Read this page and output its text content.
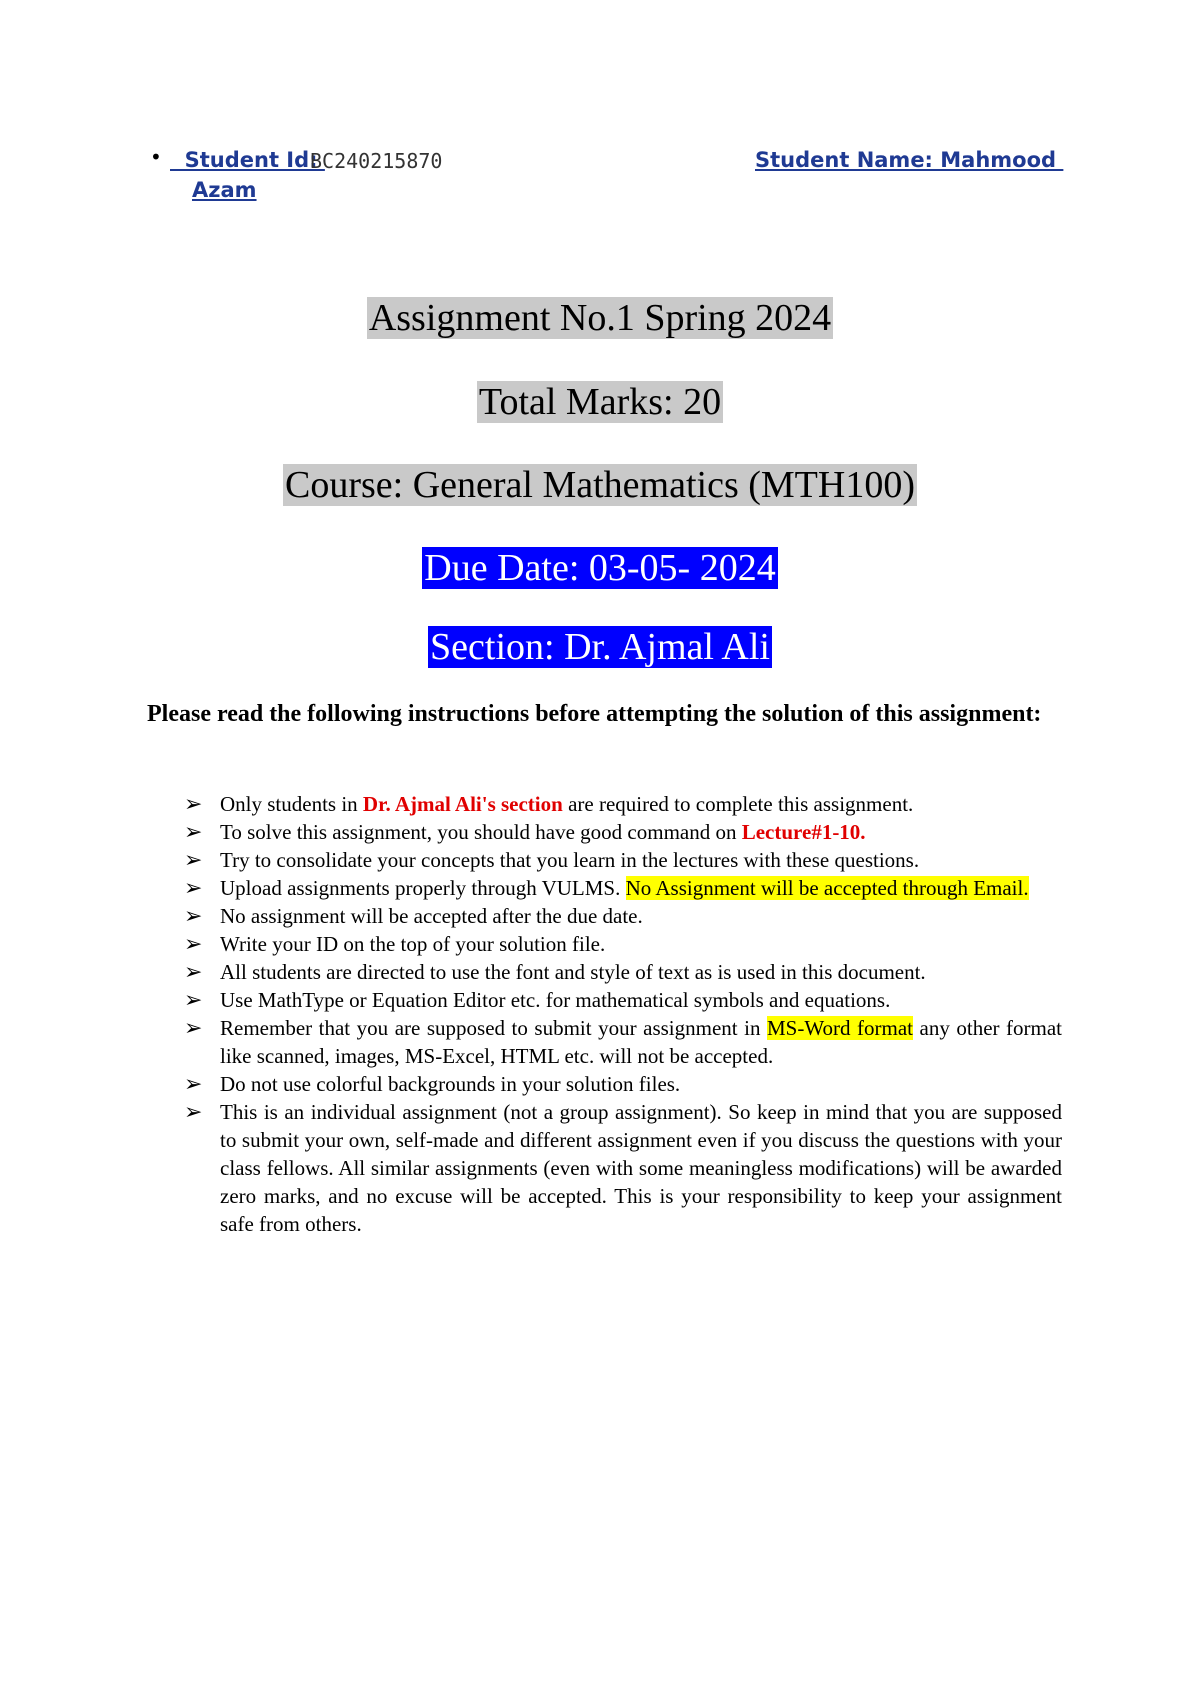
• Student Id:
BC240215870	Student Name: Mahmood
Azam
Assignment No.1 Spring 2024
Total Marks: 20
Course: General Mathematics (MTH100)
Due Date: 03-05- 2024
Section: Dr. Ajmal Ali
Please read the following instructions before attempting the solution of this assignment:
➢ Only students in Dr. Ajmal Ali's section are required to complete this assignment.
➢ To solve this assignment, you should have good command on Lecture#1-10.
➢ Try to consolidate your concepts that you learn in the lectures with these questions.
➢ Upload assignments properly through VULMS. No Assignment will be accepted through Email.
➢ No assignment will be accepted after the due date.
➢ Write your ID on the top of your solution file.
➢ All students are directed to use the font and style of text as is used in this document.
➢ Use MathType or Equation Editor etc. for mathematical symbols and equations.
➢ Remember that you are supposed to submit your assignment in MS-Word format any other format like scanned, images, MS-Excel, HTML etc. will not be accepted.
➢ Do not use colorful backgrounds in your solution files.
➢ This is an individual assignment (not a group assignment). So keep in mind that you are supposed to submit your own, self-made and different assignment even if you discuss the questions with your class fellows. All similar assignments (even with some meaningless modifications) will be awarded zero marks, and no excuse will be accepted. This is your responsibility to keep your assignment safe from others.
